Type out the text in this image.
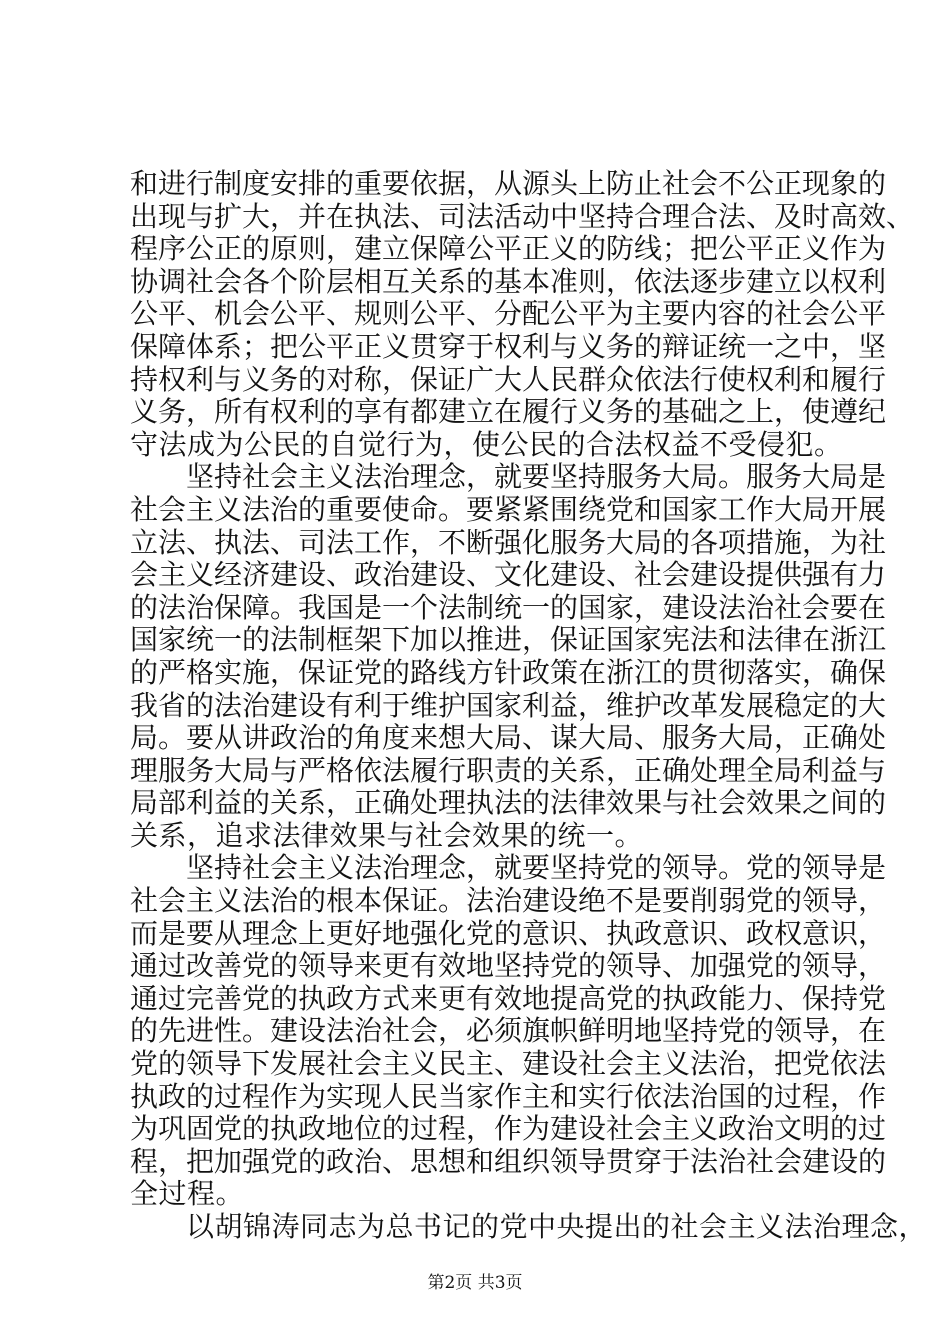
和进行制度安排的重要依据，从源头上防止社会不公正现象的
出现与扩大，并在执法、司法活动中坚持合理合法、及时高效、
程序公正的原则，建立保障公平正义的防线；把公平正义作为
协调社会各个阶层相互关系的基本准则，依法逐步建立以权利
公平、机会公平、规则公平、分配公平为主要内容的社会公平
保障体系；把公平正义贯穿于权利与义务的辩证统一之中，坚
持权利与义务的对称，保证广大人民群众依法行使权利和履行
义务，所有权利的享有都建立在履行义务的基础之上，使遵纪
守法成为公民的自觉行为，使公民的合法权益不受侵犯。
坚持社会主义法治理念，就要坚持服务大局。服务大局是
社会主义法治的重要使命。要紧紧围绕党和国家工作大局开展
立法、执法、司法工作，不断强化服务大局的各项措施，为社
会主义经济建设、政治建设、文化建设、社会建设提供强有力
的法治保障。我国是一个法制统一的国家，建设法治社会要在
国家统一的法制框架下加以推进，保证国家宪法和法律在浙江
的严格实施，保证党的路线方针政策在浙江的贯彻落实，确保
我省的法治建设有利于维护国家利益，维护改革发展稳定的大
局。要从讲政治的角度来想大局、谋大局、服务大局，正确处
理服务大局与严格依法履行职责的关系，正确处理全局利益与
局部利益的关系，正确处理执法的法律效果与社会效果之间的
关系，追求法律效果与社会效果的统一。
坚持社会主义法治理念，就要坚持党的领导。党的领导是
社会主义法治的根本保证。法治建设绝不是要削弱党的领导，
而是要从理念上更好地强化党的意识、执政意识、政权意识，
通过改善党的领导来更有效地坚持党的领导、加强党的领导，
通过完善党的执政方式来更有效地提高党的执政能力、保持党
的先进性。建设法治社会，必须旗帜鲜明地坚持党的领导，在
党的领导下发展社会主义民主、建设社会主义法治，把党依法
执政的过程作为实现人民当家作主和实行依法治国的过程，作
为巩固党的执政地位的过程，作为建设社会主义政治文明的过
程，把加强党的政治、思想和组织领导贯穿于法治社会建设的
全过程。
以胡锦涛同志为总书记的党中央提出的社会主义法治理念，
第2页 共3页
